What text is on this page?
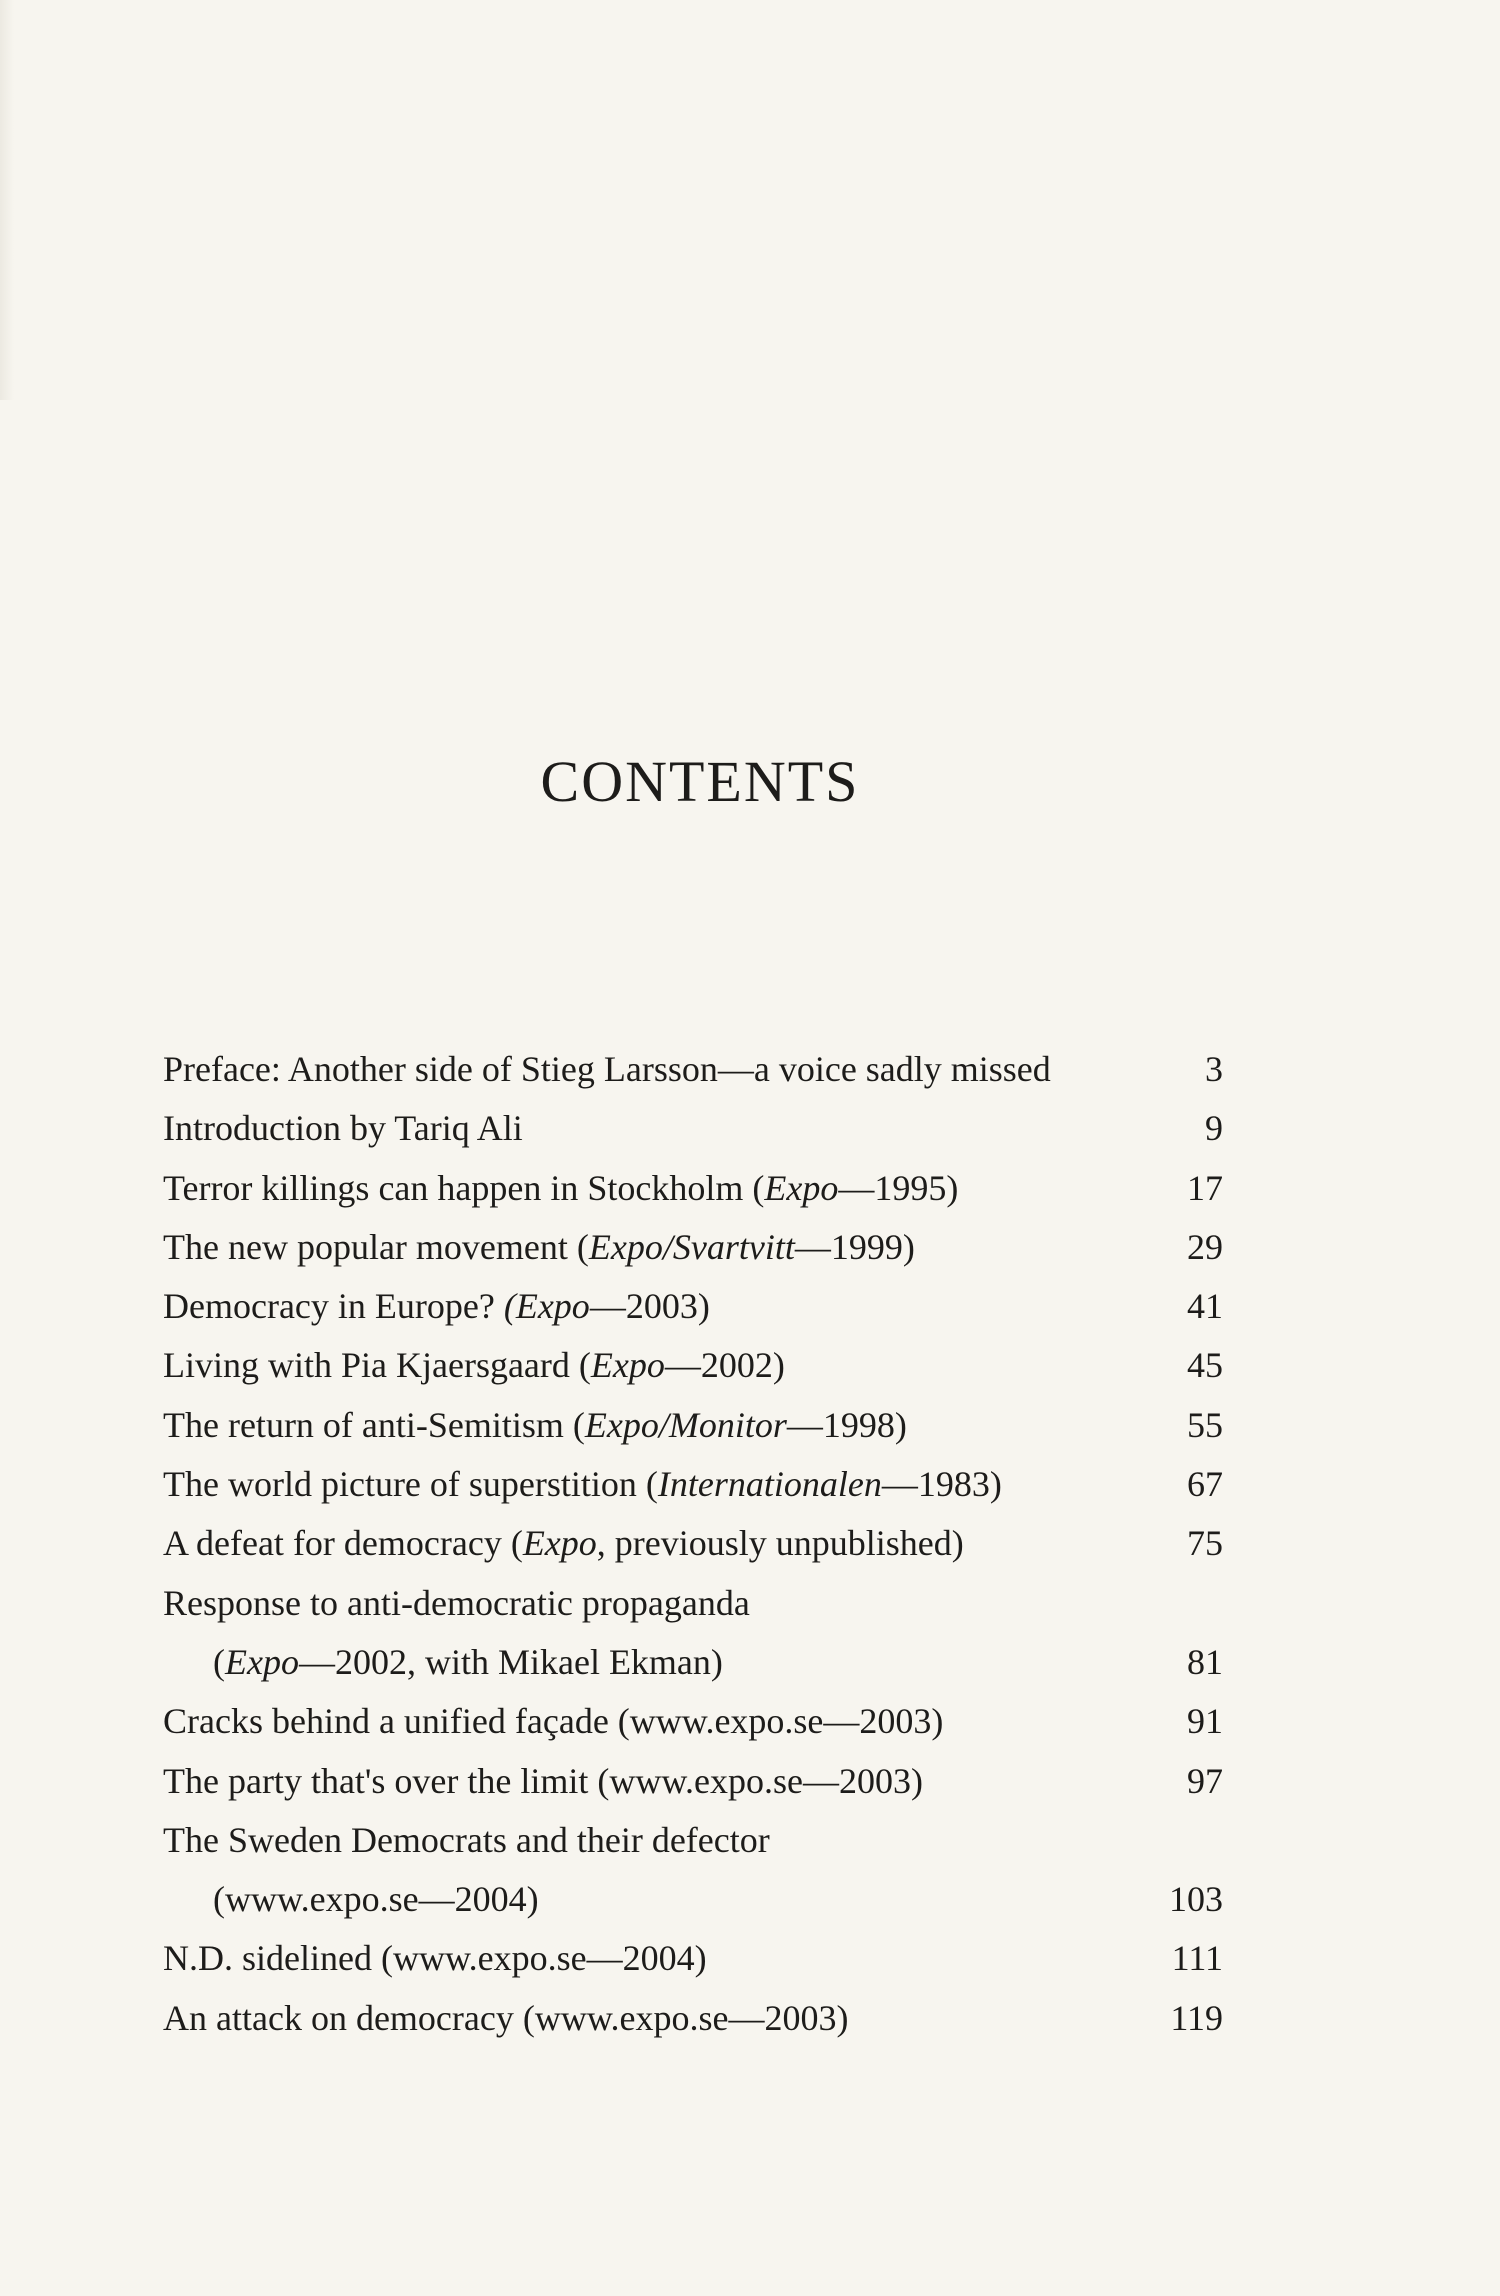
CONTENTS
Preface: Another side of Stieg Larsson—a voice sadly missed	3
Introduction by Tariq Ali	9
Terror killings can happen in Stockholm (Expo—1995)	17
The new popular movement (Expo/Svartvitt—1999)	29
Democracy in Europe? (Expo—2003)	41
Living with Pia Kjaersgaard (Expo—2002)	45
The return of anti-Semitism (Expo/Monitor—1998)	55
The world picture of superstition (Internationalen—1983)	67
A defeat for democracy (Expo, previously unpublished)	75
Response to anti-democratic propaganda
(Expo—2002, with Mikael Ekman)	81
Cracks behind a unified façade (www.expo.se—2003)	91
The party that's over the limit (www.expo.se—2003)	97
The Sweden Democrats and their defector
(www.expo.se—2004)	103
N.D. sidelined (www.expo.se—2004)	111
An attack on democracy (www.expo.se—2003)	119
